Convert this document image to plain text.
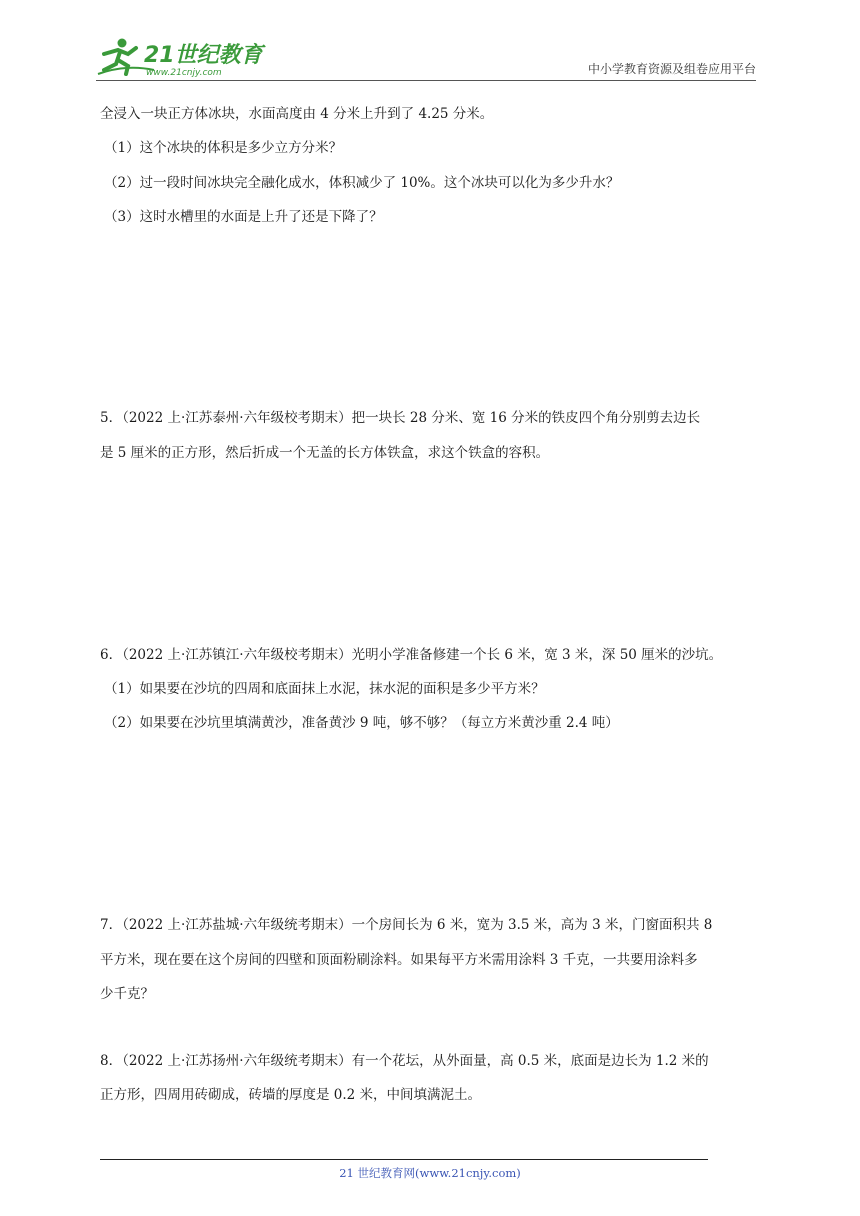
21世纪教育
www.21cnjy.com	中小学教育资源及组卷应用平台
全浸入一块正方体冰块，水面高度由 4 分米上升到了 4.25 分米。
（1）这个冰块的体积是多少立方分米？
（2）过一段时间冰块完全融化成水，体积减少了 10%。这个冰块可以化为多少升水？
（3）这时水槽里的水面是上升了还是下降了？
5．（2022 上·江苏泰州·六年级校考期末）把一块长 28 分米、宽 16 分米的铁皮四个角分别剪去边长
是 5 厘米的正方形，然后折成一个无盖的长方体铁盒，求这个铁盒的容积。
6．（2022 上·江苏镇江·六年级校考期末）光明小学准备修建一个长 6 米，宽 3 米，深 50 厘米的沙坑。
（1）如果要在沙坑的四周和底面抹上水泥，抹水泥的面积是多少平方米？
（2）如果要在沙坑里填满黄沙，准备黄沙 9 吨，够不够？（每立方米黄沙重 2.4 吨）
7．（2022 上·江苏盐城·六年级统考期末）一个房间长为 6 米，宽为 3.5 米，高为 3 米，门窗面积共 8
平方米，现在要在这个房间的四壁和顶面粉刷涂料。如果每平方米需用涂料 3 千克，一共要用涂料多
少千克？
8．（2022 上·江苏扬州·六年级统考期末）有一个花坛，从外面量，高 0.5 米，底面是边长为 1.2 米的
正方形，四周用砖砌成，砖墙的厚度是 0.2 米，中间填满泥土。
21 世纪教育网(www.21cnjy.com)
